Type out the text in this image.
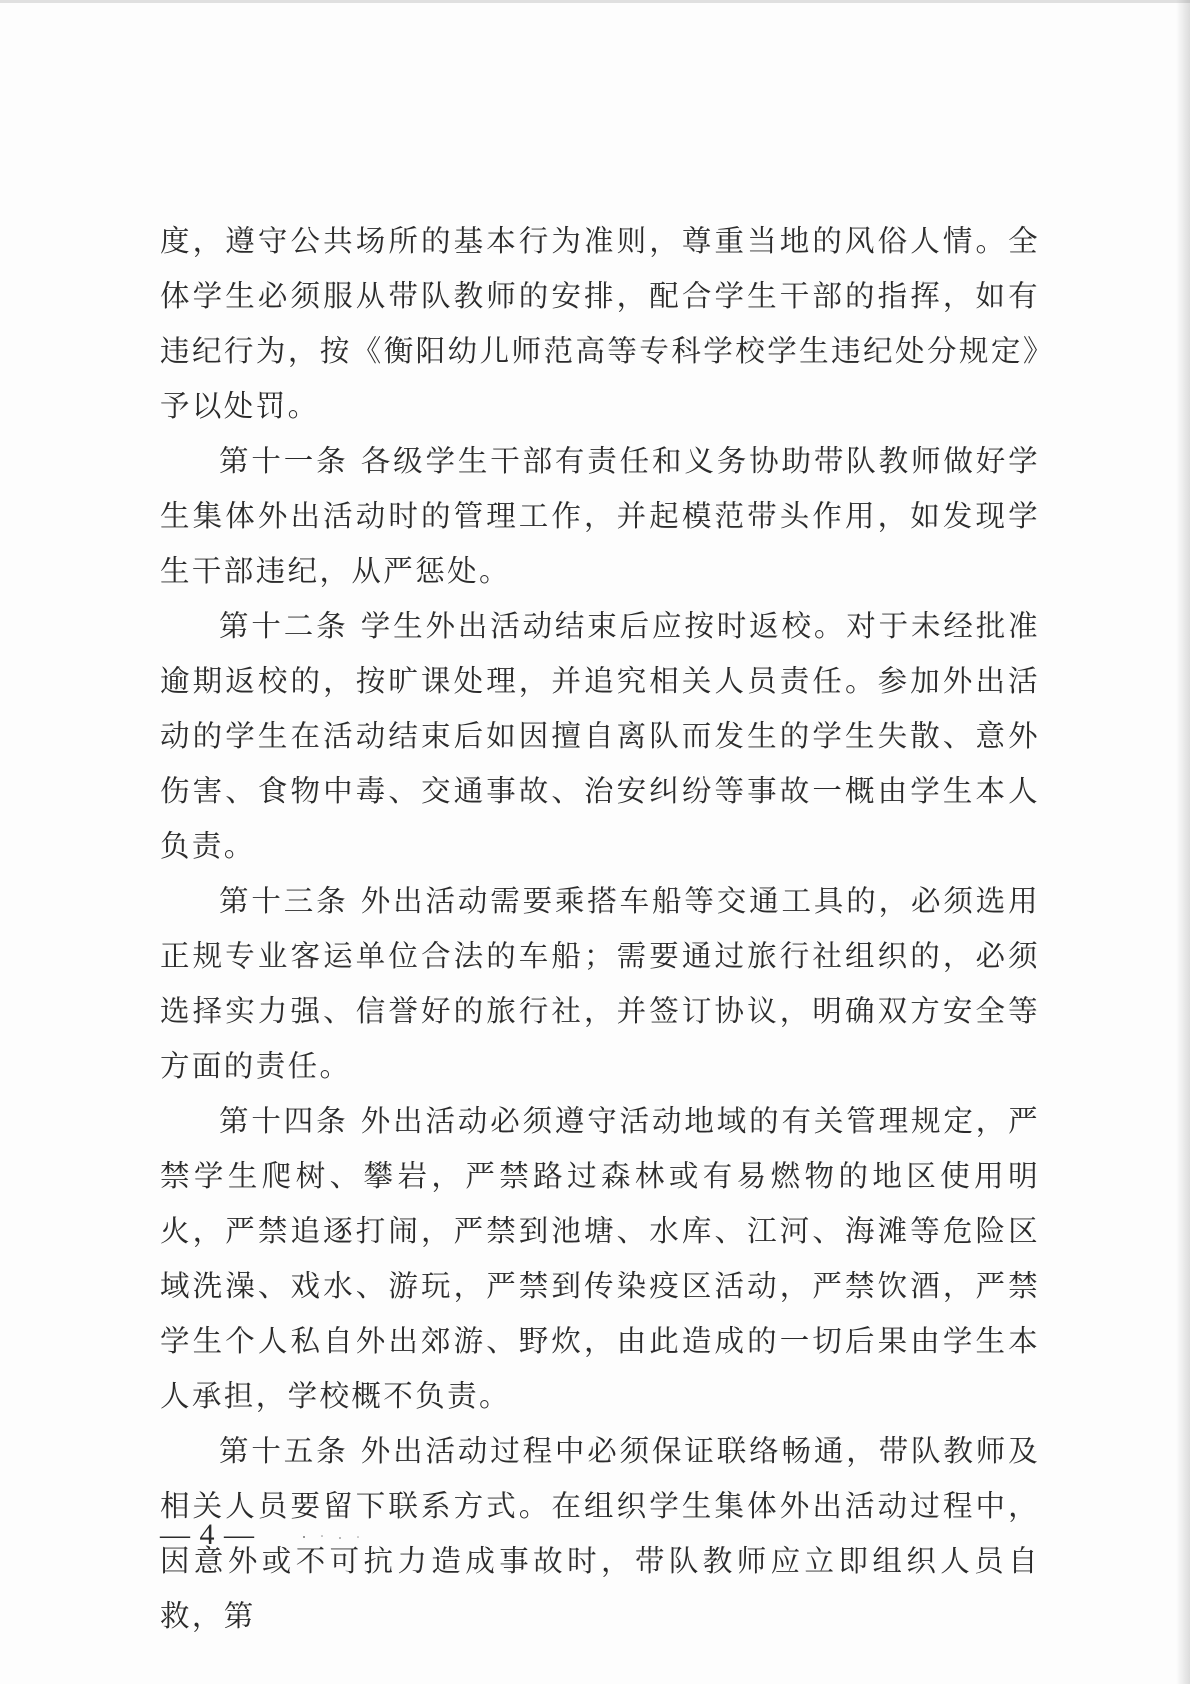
度，遵守公共场所的基本行为准则，尊重当地的风俗人情。全体学生必须服从带队教师的安排，配合学生干部的指挥，如有违纪行为，按《衡阳幼儿师范高等专科学校学生违纪处分规定》予以处罚。

第十一条 各级学生干部有责任和义务协助带队教师做好学生集体外出活动时的管理工作，并起模范带头作用，如发现学生干部违纪，从严惩处。

第十二条 学生外出活动结束后应按时返校。对于未经批准逾期返校的，按旷课处理，并追究相关人员责任。参加外出活动的学生在活动结束后如因擅自离队而发生的学生失散、意外伤害、食物中毒、交通事故、治安纠纷等事故一概由学生本人负责。

第十三条 外出活动需要乘搭车船等交通工具的，必须选用正规专业客运单位合法的车船；需要通过旅行社组织的，必须选择实力强、信誉好的旅行社，并签订协议，明确双方安全等方面的责任。

第十四条 外出活动必须遵守活动地域的有关管理规定，严禁学生爬树、攀岩，严禁路过森林或有易燃物的地区使用明火，严禁追逐打闹，严禁到池塘、水库、江河、海滩等危险区域洗澡、戏水、游玩，严禁到传染疫区活动，严禁饮酒，严禁学生个人私自外出郊游、野炊，由此造成的一切后果由学生本人承担，学校概不负责。

第十五条 外出活动过程中必须保证联络畅通，带队教师及相关人员要留下联系方式。在组织学生集体外出活动过程中，因意外或不可抗力造成事故时，带队教师应立即组织人员自救，第

— 4 —
